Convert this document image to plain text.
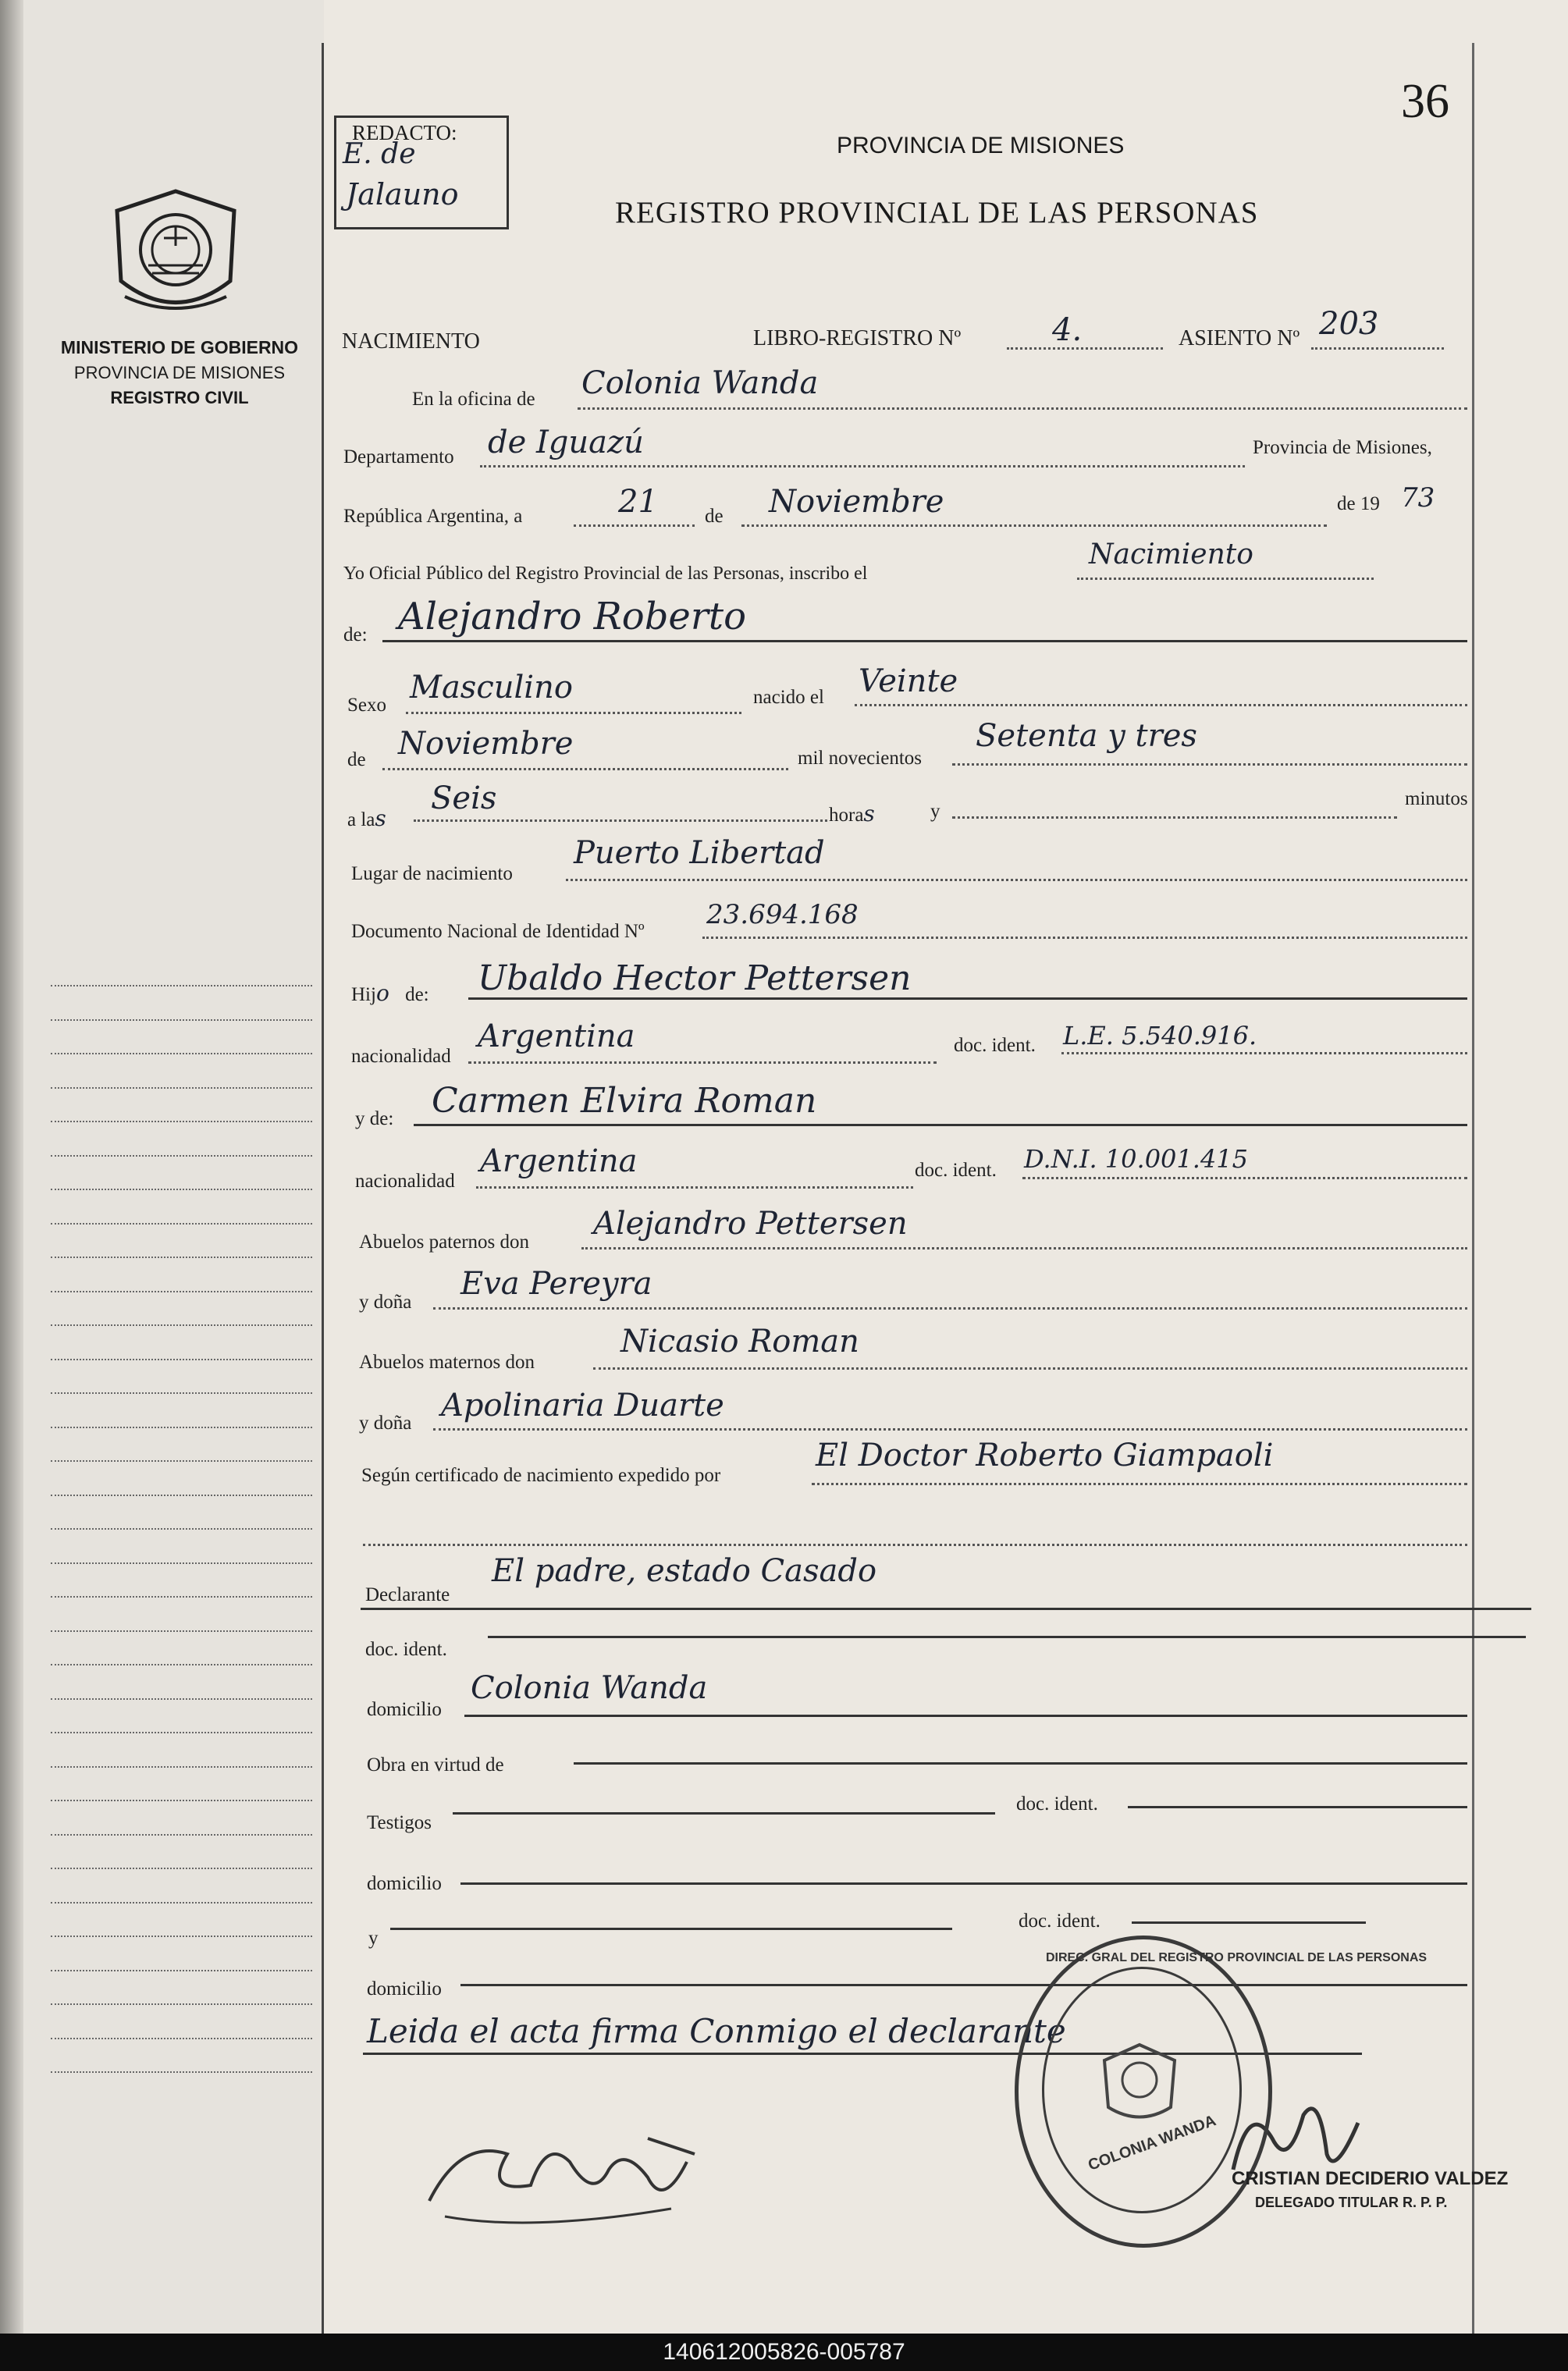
MINISTERIO DE GOBIERNO
PROVINCIA DE MISIONES
REGISTRO CIVIL
REDACTO:
E. de
Jalauno
36
PROVINCIA DE MISIONES
REGISTRO PROVINCIAL DE LAS PERSONAS
NACIMIENTO	LIBRO-REGISTRO Nº	4.	ASIENTO Nº 203
En la oficina de Colonia Wanda
Departamento de Iguazú	Provincia de Misiones,
República Argentina, a	21 de Noviembre	de 19 73
Yo Oficial Público del Registro Provincial de las Personas, inscribo el
Nacimiento
de: Alejandro Roberto
Sexo Masculino	nacido el Veinte
de Noviembre	mil novecientos
Setenta y tres
a las
Seis	horas	y
minutos
Lugar de nacimiento
Puerto Libertad
Documento Nacional de Identidad Nº
23.694.168
Hijo de: Ubaldo Hector Pettersen
nacionalidad
Argentina	doc. ident. L.E. 5.540.916.
y de: Carmen Elvira Roman
nacionalidad
Argentina	doc. ident. D.N.I. 10.001.415
Abuelos paternos don
Alejandro Pettersen
y doña
Eva Pereyra
Abuelos maternos don
Nicasio Roman
y doña Apolinaria Duarte
Según certificado de nacimiento expedido por
El Doctor Roberto Giampaoli
Declarante
El padre, estado Casado
doc. ident.
domicilio
Colonia Wanda
Obra en virtud de
Testigos
doc. ident.
domicilio
y
doc. ident.
domicilio
Leida el acta firma Conmigo el declarante
DIREC. GRAL DEL REGISTRO PROVINCIAL DE LAS PERSONAS
COLONIA WANDA
CRISTIAN DECIDERIO VALDEZ
DELEGADO TITULAR R. P. P.
140612005826-005787
